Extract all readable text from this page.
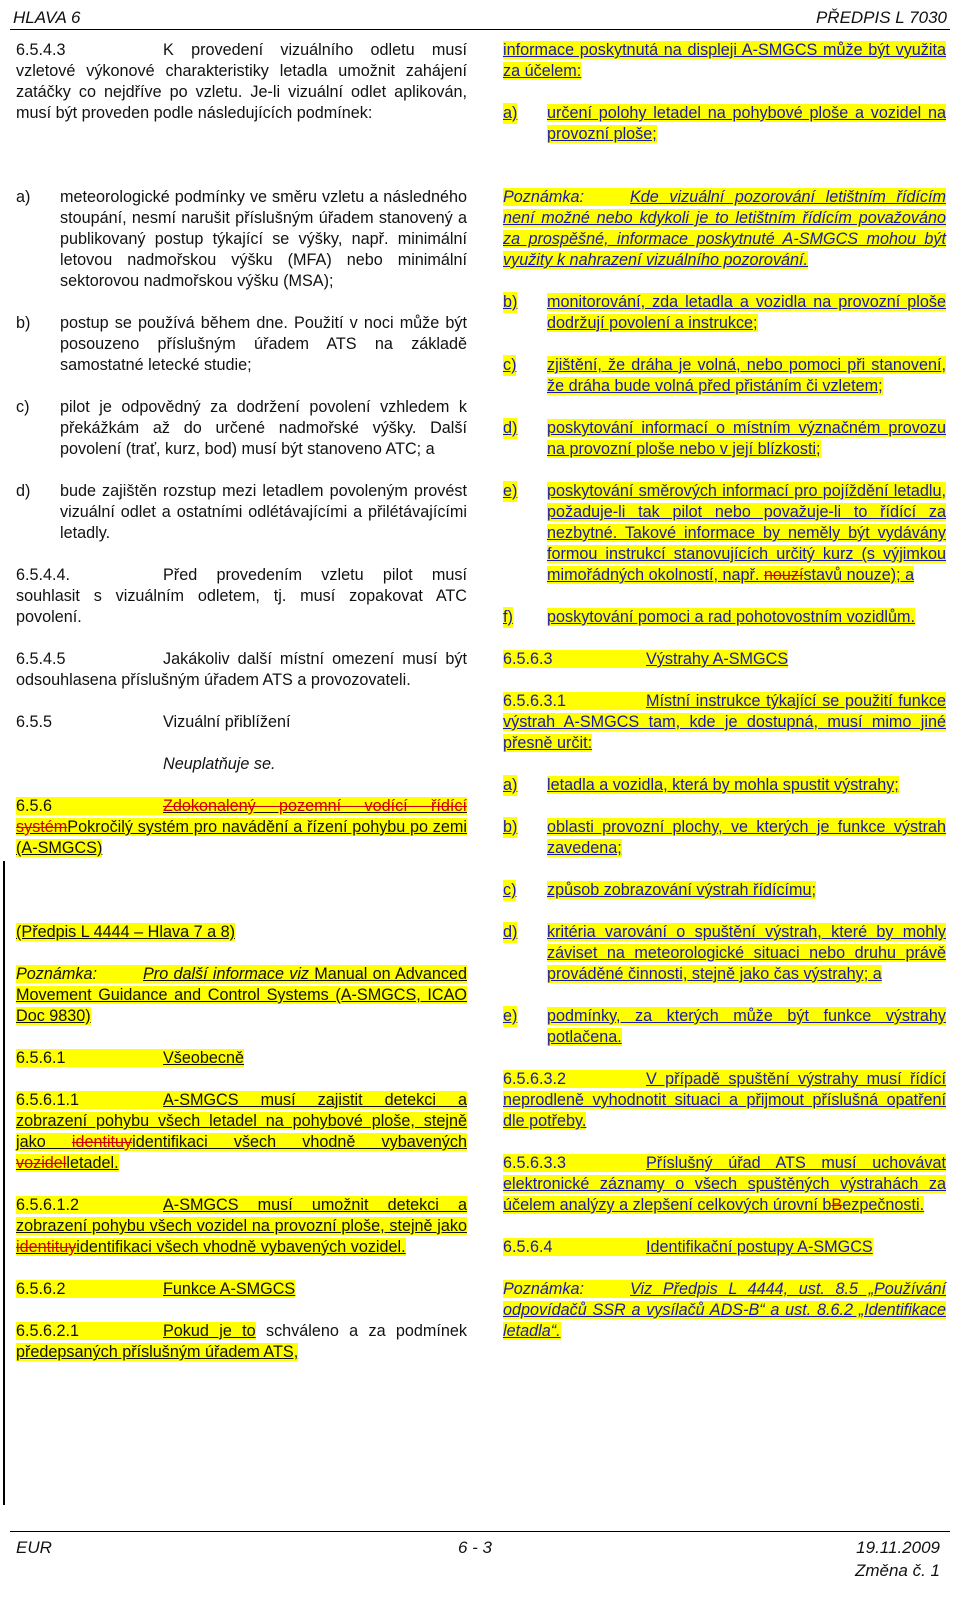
HLAVA 6	PŘEDPIS L 7030

6.5.4.3	K provedení vizuálního odletu musí vzletové výkonové charakteristiky letadla umožnit zahájení zatáčky co nejdříve po vzletu. Je-li vizuální odlet aplikován, musí být proveden podle následujících podmínek:

a) meteorologické podmínky ve směru vzletu a následného stoupání, nesmí narušit příslušným úřadem stanovený a publikovaný postup týkající se výšky, např. minimální letovou nadmořskou výšku (MFA) nebo minimální sektorovou nadmořskou výšku (MSA);

b) postup se používá během dne. Použití v noci může být posouzeno příslušným úřadem ATS na základě samostatné letecké studie;

c) pilot je odpovědný za dodržení povolení vzhledem k překážkám až do určené nadmořské výšky. Další povolení (trať, kurz, bod) musí být stanoveno ATC; a

d) bude zajištěn rozstup mezi letadlem povoleným provést vizuální odlet a ostatními odlétávajícími a přilétávajícími letadly.

6.5.4.4.	Před provedením vzletu pilot musí souhlasit s vizuálním odletem, tj. musí zopakovat ATC povolení.

6.5.4.5	Jakákoliv další místní omezení musí být odsouhlasena příslušným úřadem ATS a provozovateli.

6.5.5	Vizuální přiblížení

Neuplatňuje se.

6.5.6	Zdokonalený pozemní vodící řídící systémPokročilý systém pro navádění a řízení pohybu po zemi (A-SMGCS)

(Předpis L 4444 – Hlava 7 a 8)

Poznámka:	Pro další informace viz Manual on Advanced Movement Guidance and Control Systems (A-SMGCS, ICAO Doc 9830)

6.5.6.1	Všeobecně

6.5.6.1.1	A-SMGCS musí zajistit detekci a zobrazení pohybu všech letadel na pohybové ploše, stejně jako identituyidentifikaci všech vhodně vybavených vozidelletadel.

6.5.6.1.2	A-SMGCS musí umožnit detekci a zobrazení pohybu všech vozidel na provozní ploše, stejně jako identituyidentifikaci všech vhodně vybavených vozidel.

6.5.6.2	Funkce A-SMGCS

6.5.6.2.1	Pokud je to schváleno a za podmínek předepsaných příslušným úřadem ATS,

informace poskytnutá na displeji A-SMGCS může být využita za účelem:

a) určení polohy letadel na pohybové ploše a vozidel na provozní ploše;

Poznámka:	Kde vizuální pozorování letištním řídícím není možné nebo kdykoli je to letištním řídícím považováno za prospěšné, informace poskytnuté A-SMGCS mohou být využity k nahrazení vizuálního pozorování.

b) monitorování, zda letadla a vozidla na provozní ploše dodržují povolení a instrukce;

c) zjištění, že dráha je volná, nebo pomoci při stanovení, že dráha bude volná před přistáním či vzletem;

d) poskytování informací o místním význačném provozu na provozní ploše nebo v její blízkosti;

e) poskytování směrových informací pro pojíždění letadlu, požaduje-li tak pilot nebo považuje-li to řídící za nezbytné. Takové informace by neměly být vydávány formou instrukcí stanovujících určitý kurz (s výjimkou mimořádných okolností, např. nouzístavů nouze); a

f) poskytování pomoci a rad pohotovostním vozidlům.

6.5.6.3	Výstrahy A-SMGCS

6.5.6.3.1	Místní instrukce týkající se použití funkce výstrah A-SMGCS tam, kde je dostupná, musí mimo jiné přesně určit:

a) letadla a vozidla, která by mohla spustit výstrahy;

b) oblasti provozní plochy, ve kterých je funkce výstrah zavedena;

c) způsob zobrazování výstrah řídícímu;

d) kritéria varování o spuštění výstrah, které by mohly záviset na meteorologické situaci nebo druhu právě prováděné činnosti, stejně jako čas výstrahy; a

e) podmínky, za kterých může být funkce výstrahy potlačena.

6.5.6.3.2	V případě spuštění výstrahy musí řídící neprodleně vyhodnotit situaci a přijmout příslušná opatření dle potřeby.

6.5.6.3.3	Příslušný úřad ATS musí uchovávat elektronické záznamy o všech spuštěných výstrahách za účelem analýzy a zlepšení celkových úrovní bBezpečnosti.

6.5.6.4	Identifikační postupy A-SMGCS

Poznámka:	Viz Předpis L 4444, ust. 8.5 „Používání odpovídačů SSR a vysílačů ADS-B“ a ust. 8.6.2 „Identifikace letadla“.

EUR	6 - 3	19.11.2009
Změna č. 1
